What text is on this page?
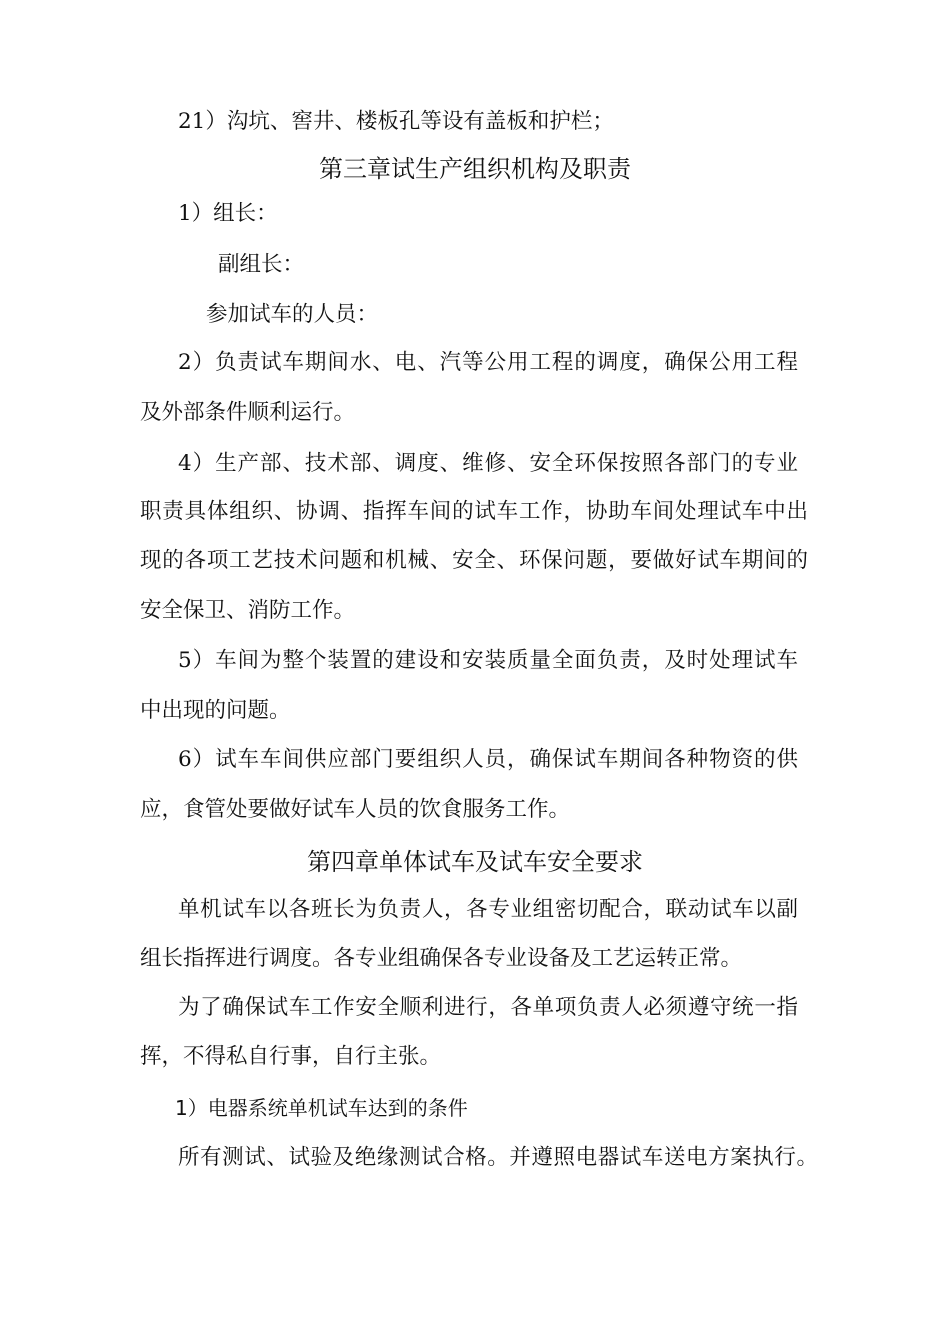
21）沟坑、窖井、楼板孔等设有盖板和护栏；
第三章试生产组织机构及职责
1）组长：
副组长：
参加试车的人员：
2）负责试车期间水、电、汽等公用工程的调度，确保公用工程
及外部条件顺利运行。
4）生产部、技术部、调度、维修、安全环保按照各部门的专业
职责具体组织、协调、指挥车间的试车工作，协助车间处理试车中出
现的各项工艺技术问题和机械、安全、环保问题，要做好试车期间的
安全保卫、消防工作。
5）车间为整个装置的建设和安装质量全面负责，及时处理试车
中出现的问题。
6）试车车间供应部门要组织人员，确保试车期间各种物资的供
应，食管处要做好试车人员的饮食服务工作。
第四章单体试车及试车安全要求
单机试车以各班长为负责人，各专业组密切配合，联动试车以副
组长指挥进行调度。各专业组确保各专业设备及工艺运转正常。
为了确保试车工作安全顺利进行，各单项负责人必须遵守统一指
挥，不得私自行事，自行主张。
1）电器系统单机试车达到的条件
所有测试、试验及绝缘测试合格。并遵照电器试车送电方案执行。
